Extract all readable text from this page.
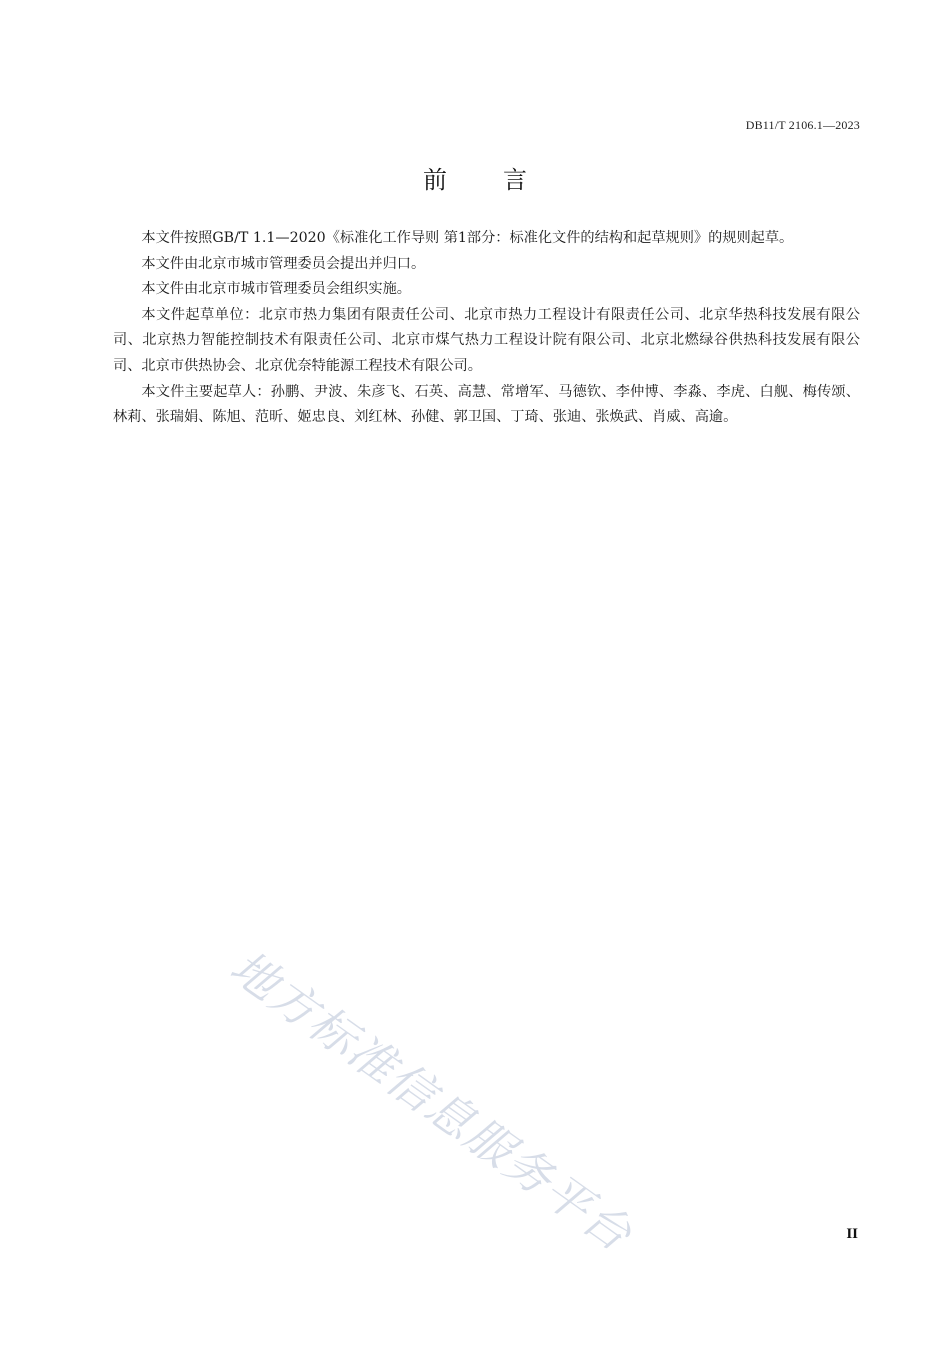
DB11/T 2106.1—2023
前言

本文件按照GB/T 1.1—2020《标准化工作导则 第1部分：标准化文件的结构和起草规则》的规则起草。

本文件由北京市城市管理委员会提出并归口。

本文件由北京市城市管理委员会组织实施。

本文件起草单位：北京市热力集团有限责任公司、北京市热力工程设计有限责任公司、北京华热科技发展有限公司、北京热力智能控制技术有限责任公司、北京市煤气热力工程设计院有限公司、北京北燃绿谷供热科技发展有限公司、北京市供热协会、北京优奈特能源工程技术有限公司。

本文件主要起草人：孙鹏、尹波、朱彦飞、石英、高慧、常增军、马德钦、李仲博、李淼、李虎、白舰、梅传颂、林莉、张瑞娟、陈旭、范昕、姬忠良、刘红林、孙健、郭卫国、丁琦、张迪、张焕武、肖威、高逾。

地方标准信息服务平台	II
